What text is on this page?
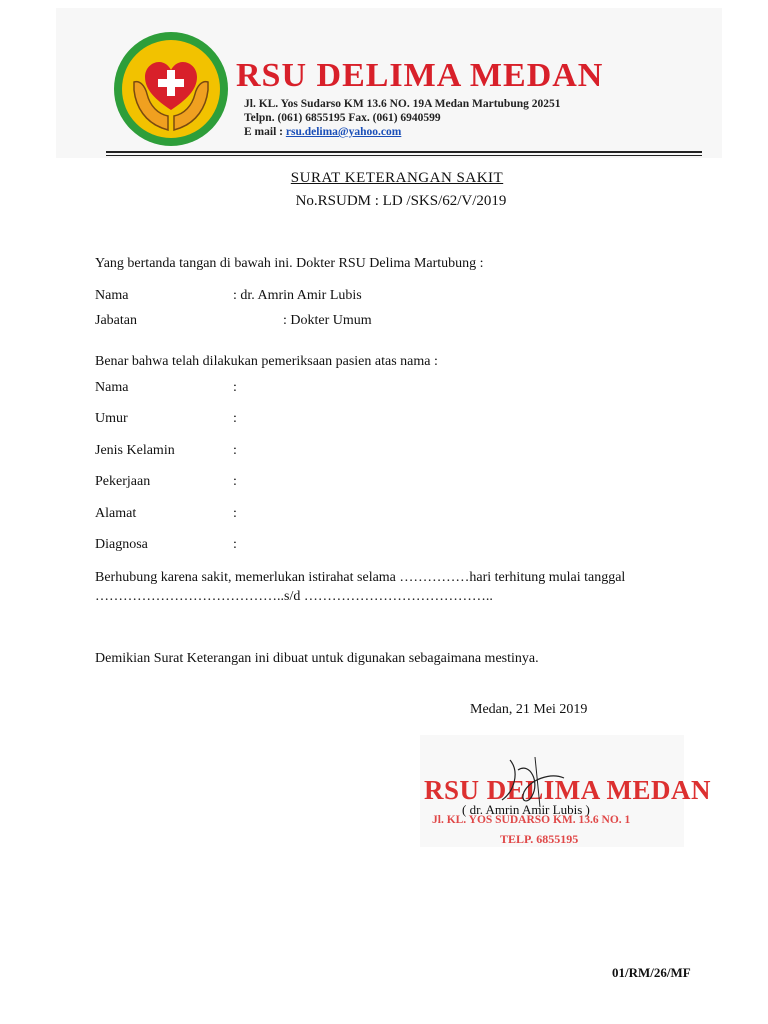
RSU DELIMA MEDAN
Jl. KL. Yos Sudarso KM 13.6 NO. 19A Medan Martubung 20251
Telpn. (061) 6855195 Fax. (061) 6940599
E mail : rsu.delima@yahoo.com
SURAT KETERANGAN SAKIT
No.RSUDM : LD /SKS/62/V/2019
Yang bertanda tangan di bawah ini. Dokter RSU Delima Martubung :
Nama	: dr. Amrin Amir Lubis
Jabatan	: Dokter Umum
Benar bahwa telah dilakukan pemeriksaan pasien atas nama :
Nama	:
Umur	:
Jenis Kelamin	:
Pekerjaan	:
Alamat	:
Diagnosa	:
Berhubung karena sakit, memerlukan istirahat selama ……………hari terhitung mulai tanggal
…………………………………..s/d …………………………………..
Demikian Surat Keterangan ini dibuat untuk digunakan sebagaimana mestinya.
Medan, 21 Mei 2019
RSU DELIMA MEDAN
Jl. KL. YOS SUDARSO KM. 13.6 NO. 1
TELP. 6855195
( dr. Amrin Amir Lubis )
01/RM/26/MF
